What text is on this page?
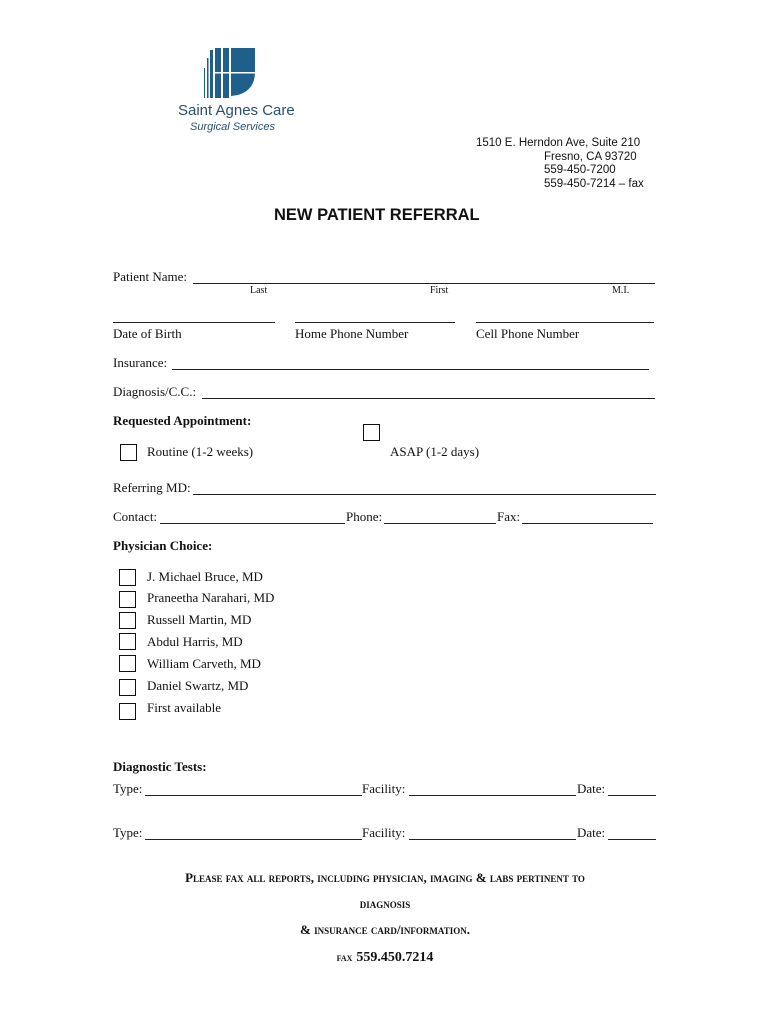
Saint Agnes Care
Surgical Services
1510 E. Herndon Ave, Suite 210
Fresno, CA 93720
559-450-7200
559-450-7214 – fax
NEW PATIENT REFERRAL
Patient Name:
Last	First	M.I.
Date of Birth	Home Phone Number	Cell Phone Number
Insurance:
Diagnosis/C.C.:
Requested Appointment:
Routine (1-2 weeks)	ASAP (1-2 days)
Referring MD:
Contact:	Phone:	Fax:
Physician Choice:
J. Michael Bruce, MD
Praneetha Narahari, MD
Russell Martin, MD
Abdul Harris, MD
William Carveth, MD
Daniel Swartz, MD
First available
Diagnostic Tests:
Type:	Facility:	Date:
Type:	Facility:	Date:
Please fax all reports, including physician, imaging & labs pertinent to
diagnosis
& insurance card/information.
fax 559.450.7214
